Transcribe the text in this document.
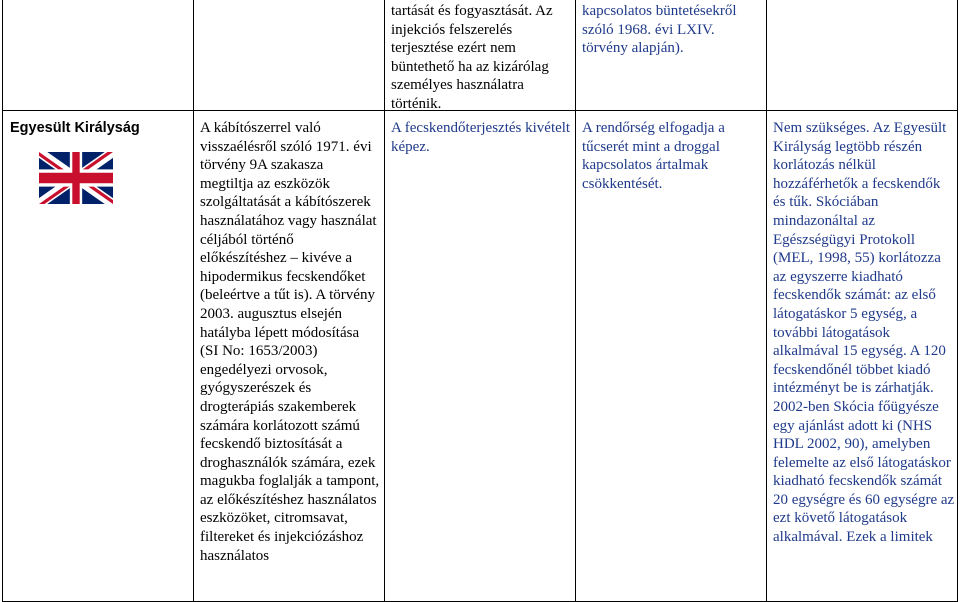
tartását és fogyasztását. Az injekciós felszerelés terjesztése ezért nem büntethető ha az kizárólag személyes használatra történik.
kapcsolatos büntetésekről szóló 1968. évi LXIV. törvény alapján).
Egyesült Királyság	A kábítószerrel való visszaélésről szóló 1971. évi törvény 9A szakasza megtiltja az eszközök szolgáltatását a kábítószerek használatához vagy használat céljából történő előkészítéshez – kivéve a hipodermikus fecskendőket (beleértve a tűt is). A törvény 2003. augusztus elsején hatályba lépett módosítása (SI No: 1653/2003) engedélyezi orvosok, gyógyszerészek és drogterápiás szakemberek számára korlátozott számú fecskendő biztosítását a droghasználók számára, ezek magukba foglalják a tampont, az előkészítéshez használatos eszközöket, citromsavat, filtereket és injekciózáshoz használatos
A fecskendőterjesztés kivételt képez.
A rendőrség elfogadja a tűcserét mint a droggal kapcsolatos ártalmak csökkentését.
Nem szükséges. Az Egyesült Királyság legtöbb részén korlátozás nélkül hozzáférhetők a fecskendők és tűk. Skóciában mindazonáltal az Egészségügyi Protokoll (MEL, 1998, 55) korlátozza az egyszerre kiadható fecskendők számát: az első látogatáskor 5 egység, a további látogatások alkalmával 15 egység. A 120 fecskendőnél többet kiadó intézményt be is zárhatják. 2002-ben Skócia főügyésze egy ajánlást adott ki (NHS HDL 2002, 90), amelyben felemelte az első látogatáskor kiadható fecskendők számát 20 egységre és 60 egységre az ezt követő látogatások alkalmával. Ezek a limitek
